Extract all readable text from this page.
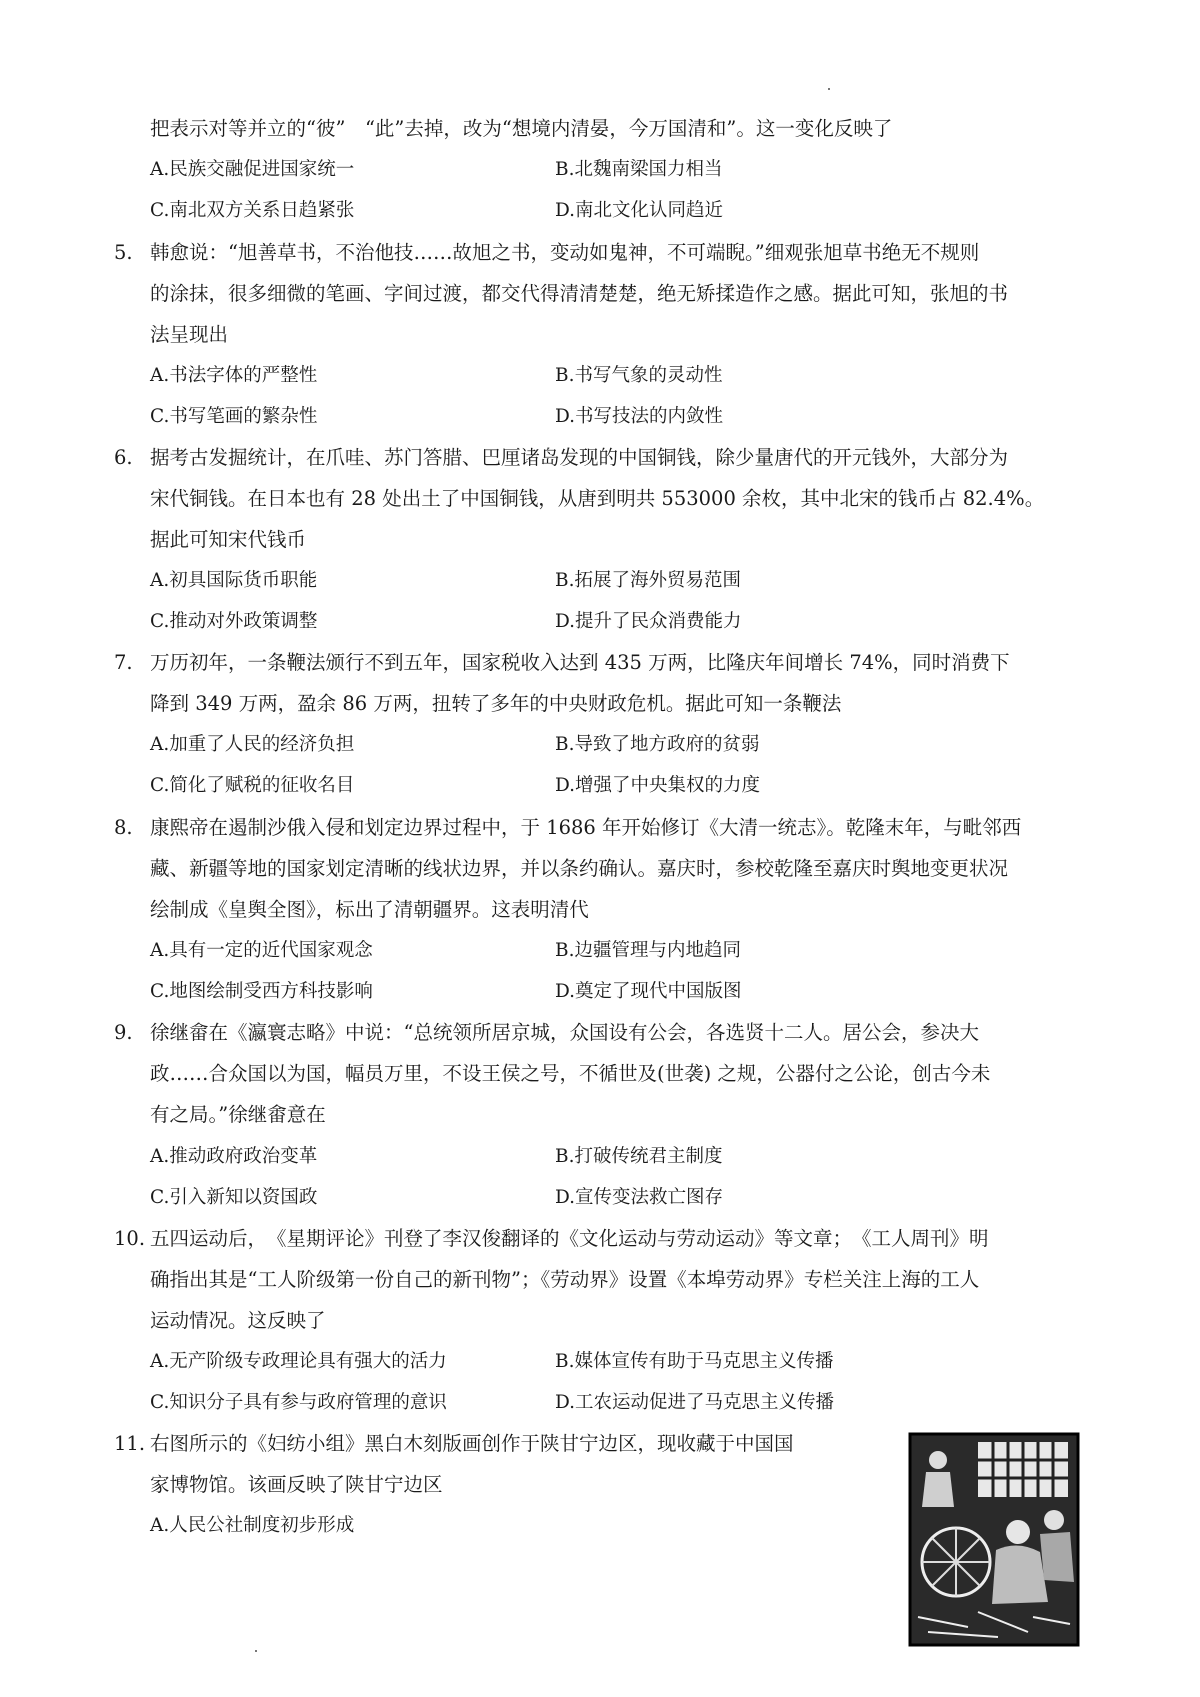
把表示对等并立的“彼”　“此”去掉，改为“想境内清晏，今万国清和”。这一变化反映了
A.民族交融促进国家统一	B.北魏南梁国力相当
C.南北双方关系日趋紧张	D.南北文化认同趋近
5. 韩愈说：“旭善草书，不治他技……故旭之书，变动如鬼神，不可端睨。”细观张旭草书绝无不规则
的涂抹，很多细微的笔画、字间过渡，都交代得清清楚楚，绝无矫揉造作之感。据此可知，张旭的书
法呈现出
A.书法字体的严整性	B.书写气象的灵动性
C.书写笔画的繁杂性	D.书写技法的内敛性
6. 据考古发掘统计，在爪哇、苏门答腊、巴厘诸岛发现的中国铜钱，除少量唐代的开元钱外，大部分为
宋代铜钱。在日本也有 28 处出土了中国铜钱，从唐到明共 553000 余枚，其中北宋的钱币占 82.4%。
据此可知宋代钱币
A.初具国际货币职能	B.拓展了海外贸易范围
C.推动对外政策调整	D.提升了民众消费能力
7. 万历初年，一条鞭法颁行不到五年，国家税收入达到 435 万两，比隆庆年间增长 74%，同时消费下
降到 349 万两，盈余 86 万两，扭转了多年的中央财政危机。据此可知一条鞭法
A.加重了人民的经济负担	B.导致了地方政府的贫弱
C.简化了赋税的征收名目	D.增强了中央集权的力度
8. 康熙帝在遏制沙俄入侵和划定边界过程中，于 1686 年开始修订《大清一统志》。乾隆末年，与毗邻西
藏、新疆等地的国家划定清晰的线状边界，并以条约确认。嘉庆时，参校乾隆至嘉庆时舆地变更状况
绘制成《皇舆全图》，标出了清朝疆界。这表明清代
A.具有一定的近代国家观念	B.边疆管理与内地趋同
C.地图绘制受西方科技影响	D.奠定了现代中国版图
9. 徐继畲在《瀛寰志略》中说：“总统领所居京城，众国设有公会，各选贤十二人。居公会，参决大
政……合众国以为国，幅员万里，不设王侯之号，不循世及(世袭) 之规，公器付之公论，创古今未
有之局。”徐继畬意在
A.推动政府政治变革	B.打破传统君主制度
C.引入新知以资国政	D.宣传变法救亡图存
10. 五四运动后，　《星期评论》刊登了李汉俊翻译的《文化运动与劳动运动》等文章；　《工人周刊》明
确指出其是“工人阶级第一份自己的新刊物”；《劳动界》设置《本埠劳动界》专栏关注上海的工人
运动情况。这反映了
A.无产阶级专政理论具有强大的活力	B.媒体宣传有助于马克思主义传播
C.知识分子具有参与政府管理的意识	D.工农运动促进了马克思主义传播
11. 右图所示的《妇纺小组》黑白木刻版画创作于陕甘宁边区，现收藏于中国国
家博物馆。该画反映了陕甘宁边区
A.人民公社制度初步形成
